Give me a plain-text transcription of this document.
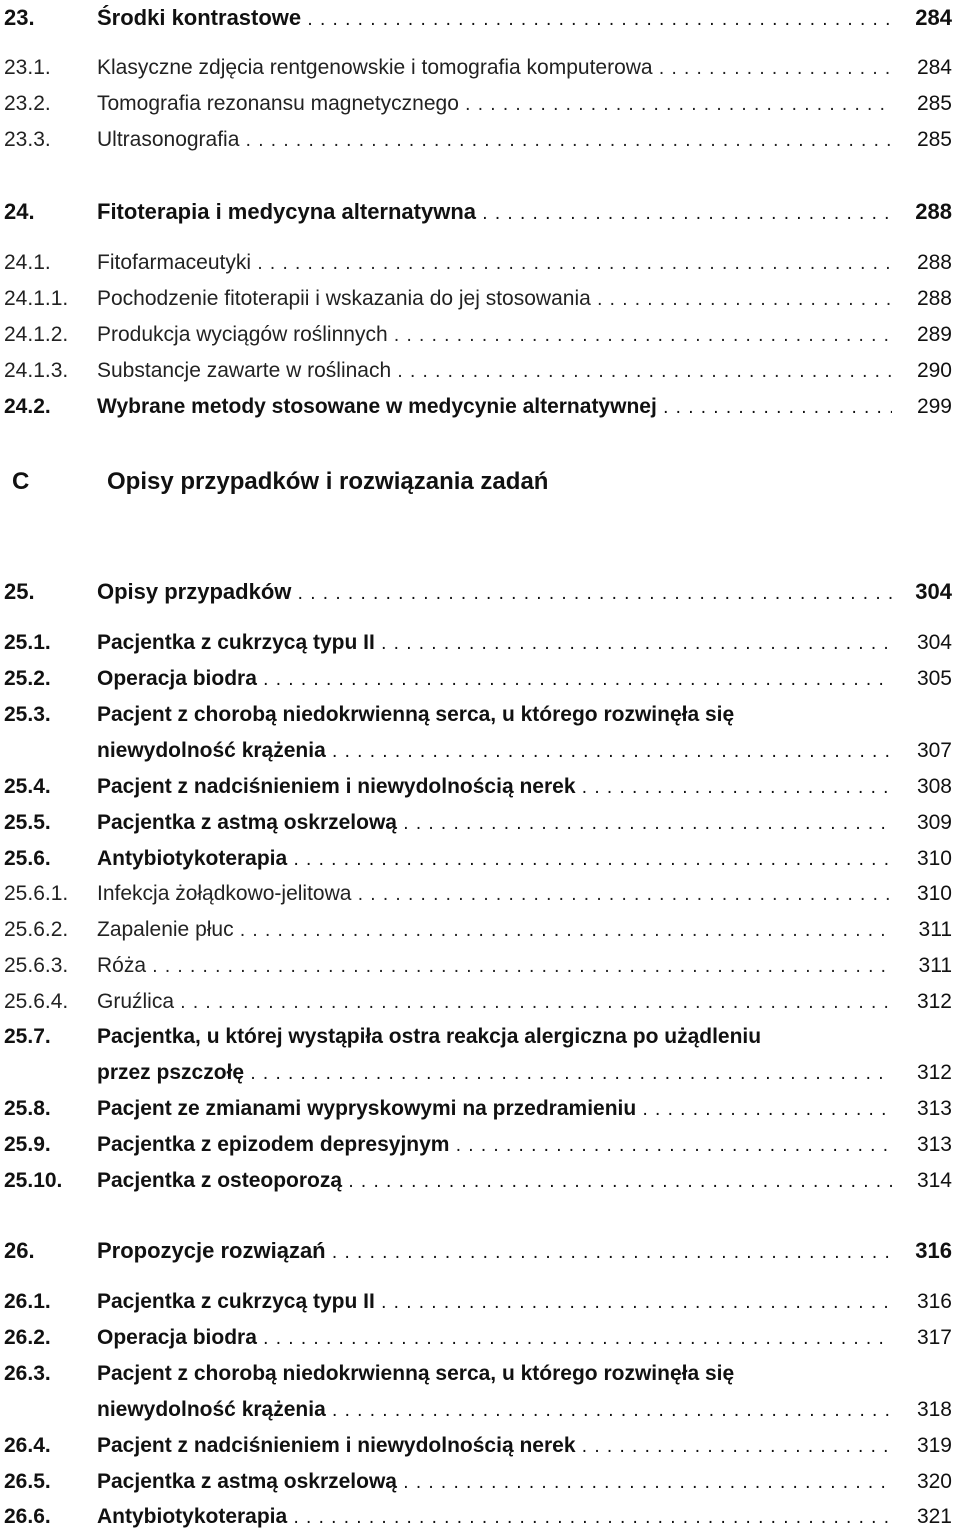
23.	Środki kontrastowe . . .	284
23.1. Klasyczne zdjęcia rentgenowskie i tomografia komputerowa . . .	284
23.2. Tomografia rezonansu magnetycznego . . .	285
23.3. Ultrasonografia . . .	285
24.	Fitoterapia i medycyna alternatywna . . .	288
24.1. Fitofarmaceutyki . . .	288
24.1.1. Pochodzenie fitoterapii i wskazania do jej stosowania . . .	288
24.1.2. Produkcja wyciągów roślinnych . . .	289
24.1.3. Substancje zawarte w roślinach . . .	290
24.2. Wybrane metody stosowane w medycynie alternatywnej . . .	299
C	Opisy przypadków i rozwiązania zadań
25.	Opisy przypadków . . .	304
25.1. Pacjentka z cukrzycą typu II . . .	304
25.2. Operacja biodra . . .	305
25.3. Pacjent z chorobą niedokrwienną serca, u którego rozwinęła się
niewydolność krążenia . . .	307
25.4. Pacjent z nadciśnieniem i niewydolnością nerek . . .	308
25.5. Pacjentka z astmą oskrzelową . . .	309
25.6. Antybiotykoterapia . . .	310
25.6.1. Infekcja żołądkowo-jelitowa . . .	310
25.6.2. Zapalenie płuc . . .	311
25.6.3. Róża . . .	311
25.6.4. Gruźlica . . .	312
25.7. Pacjentka, u której wystąpiła ostra reakcja alergiczna po użądleniu
przez pszczołę . . .	312
25.8. Pacjent ze zmianami wypryskowymi na przedramieniu . . .	313
25.9. Pacjentka z epizodem depresyjnym . . .	313
25.10. Pacjentka z osteoporozą . . .	314
26.	Propozycje rozwiązań . . .	316
26.1. Pacjentka z cukrzycą typu II . . .	316
26.2. Operacja biodra . . .	317
26.3. Pacjent z chorobą niedokrwienną serca, u którego rozwinęła się
niewydolność krążenia . . .	318
26.4. Pacjent z nadciśnieniem i niewydolnością nerek . . .	319
26.5. Pacjentka z astmą oskrzelową . . .	320
26.6. Antybiotykoterapia . . .	321
